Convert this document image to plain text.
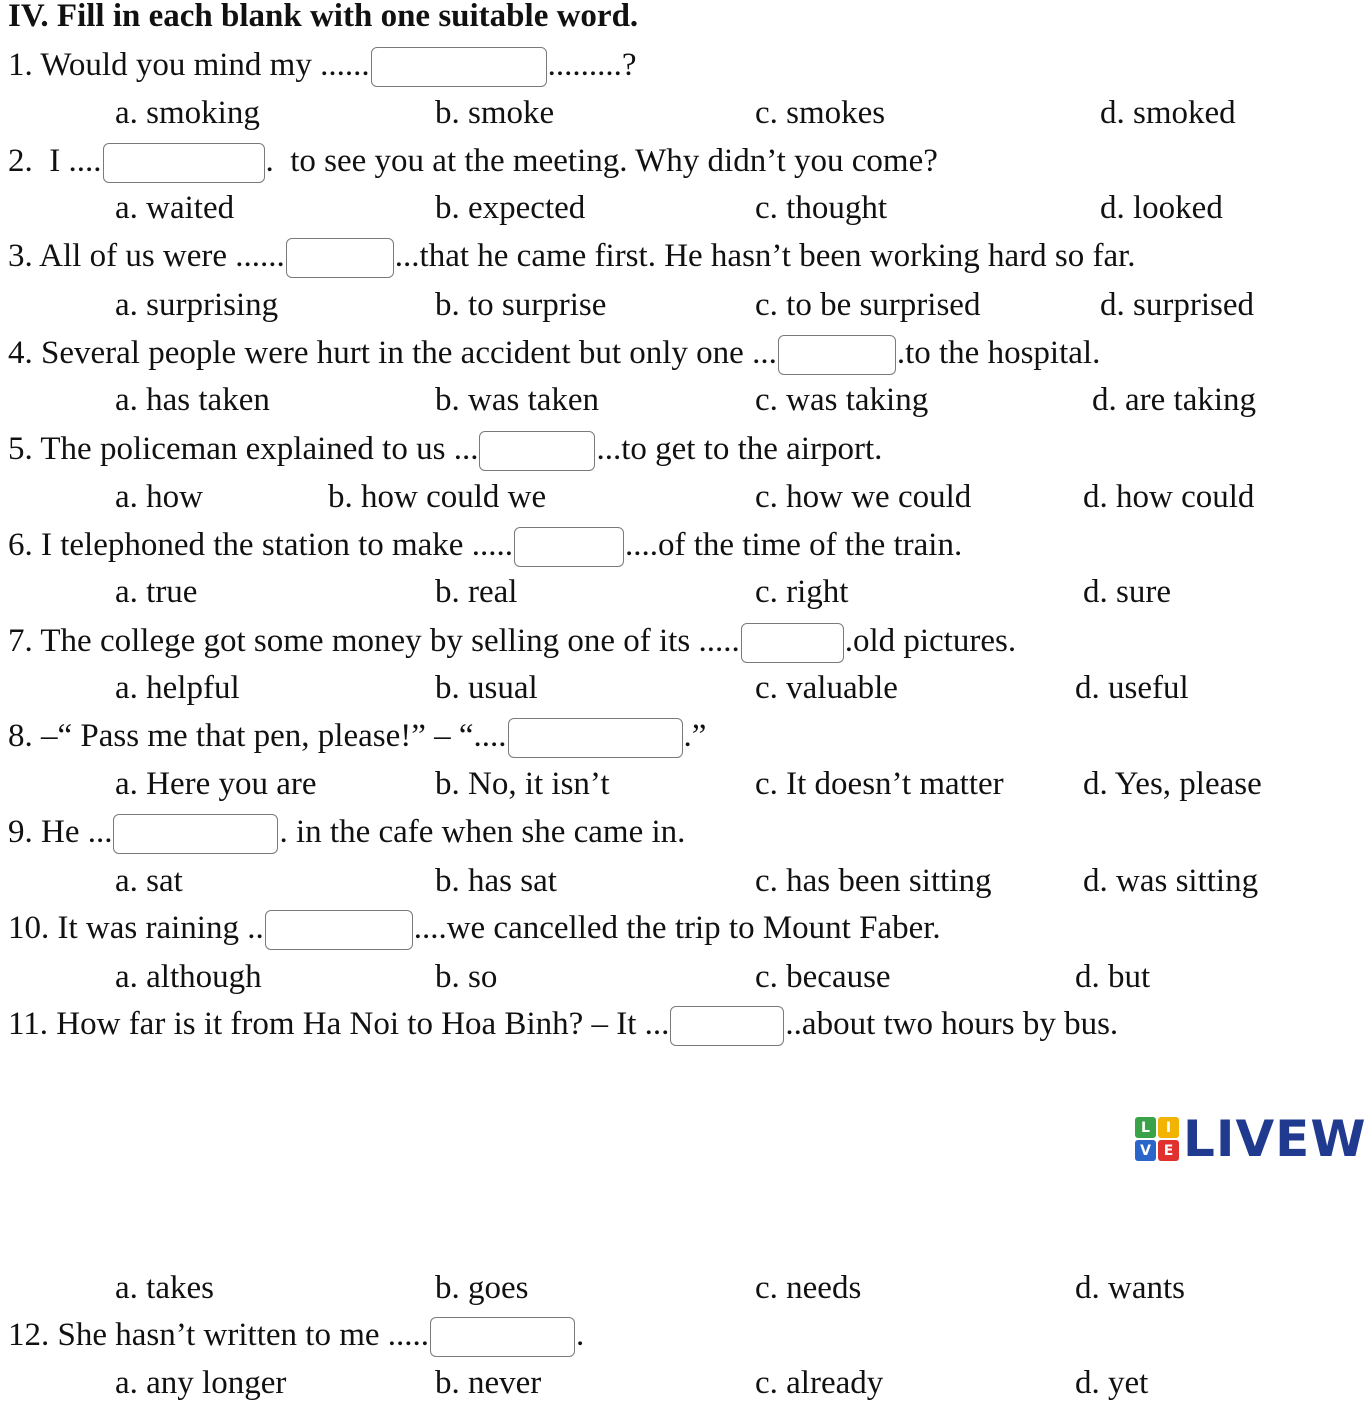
IV. Fill in each blank with one suitable word.
1. Would you mind my ......	.........?
a. smoking	b. smoke	c. smokes	d. smoked
2.  I ....	.  to see you at the meeting. Why didn’t you come?
a. waited	b. expected	c. thought	d. looked
3. All of us were ......	...that he came first. He hasn’t been working hard so far.
a. surprising	b. to surprise	c. to be surprised	d. surprised
4. Several people were hurt in the accident but only one ...	.to the hospital.
a. has taken	b. was taken	c. was taking	d. are taking
5. The policeman explained to us ...	...to get to the airport.
a. how	b. how could we	c. how we could	d. how could
6. I telephoned the station to make .....	....of the time of the train.
a. true	b. real	c. right	d. sure
7. The college got some money by selling one of its .....	.old pictures.
a. helpful	b. usual	c. valuable	d. useful
8. –“ Pass me that pen, please!” – “....	.”
a. Here you are	b. No, it isn’t	c. It doesn’t matter d. Yes, please
9. He ...	. in the cafe when she came in.
a. sat	b. has sat	c. has been sitting	d. was sitting
10. It was raining ..	....we cancelled the trip to Mount Faber.
a. although	b. so	c. because	d. but
11. How far is it from Ha Noi to Hoa Binh? – It ...	..about two hours by bus.
L	I
V E LIVEW
a. takes	b. goes	c. needs	d. wants
12. She hasn’t written to me .....	.
a. any longer	b. never	c. already	d. yet
